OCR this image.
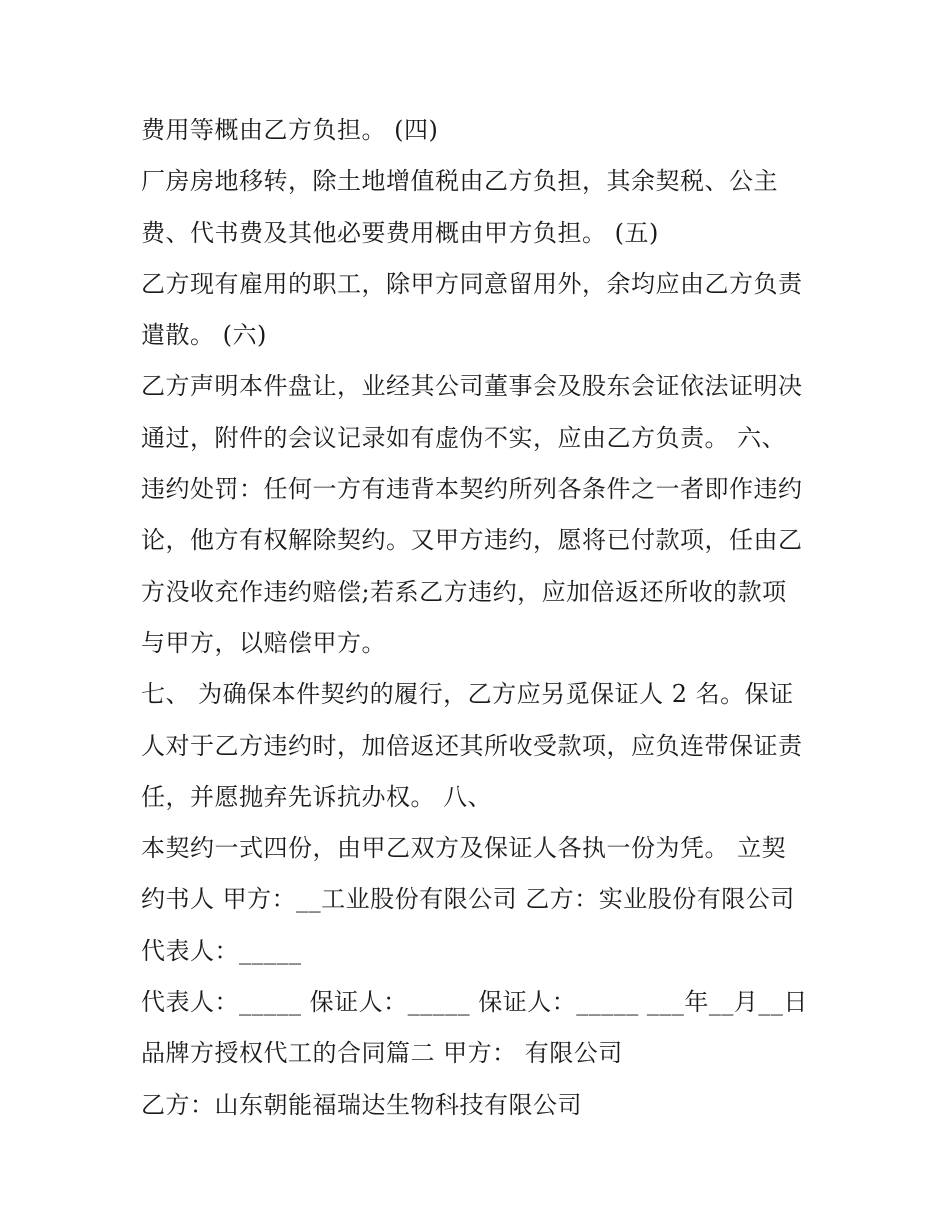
费用等概由乙方负担。 (四)
厂房房地移转，除土地增值税由乙方负担，其余契税、公主
费、代书费及其他必要费用概由甲方负担。 (五)
乙方现有雇用的职工，除甲方同意留用外，余均应由乙方负责
遣散。 (六)
乙方声明本件盘让，业经其公司董事会及股东会证依法证明决
通过，附件的会议记录如有虚伪不实，应由乙方负责。 六、
违约处罚：任何一方有违背本契约所列各条件之一者即作违约
论，他方有权解除契约。又甲方违约，愿将已付款项，任由乙
方没收充作违约赔偿;若系乙方违约，应加倍返还所收的款项
与甲方，以赔偿甲方。
七、 为确保本件契约的履行，乙方应另觅保证人 2 名。保证
人对于乙方违约时，加倍返还其所收受款项，应负连带保证责
任，并愿抛弃先诉抗办权。 八、
本契约一式四份，由甲乙双方及保证人各执一份为凭。 立契
约书人 甲方：__工业股份有限公司 乙方：实业股份有限公司
代表人：_____
代表人：_____ 保证人：_____ 保证人：_____ ___年__月__日
品牌方授权代工的合同篇二 甲方： 有限公司
乙方：山东朝能福瑞达生物科技有限公司
